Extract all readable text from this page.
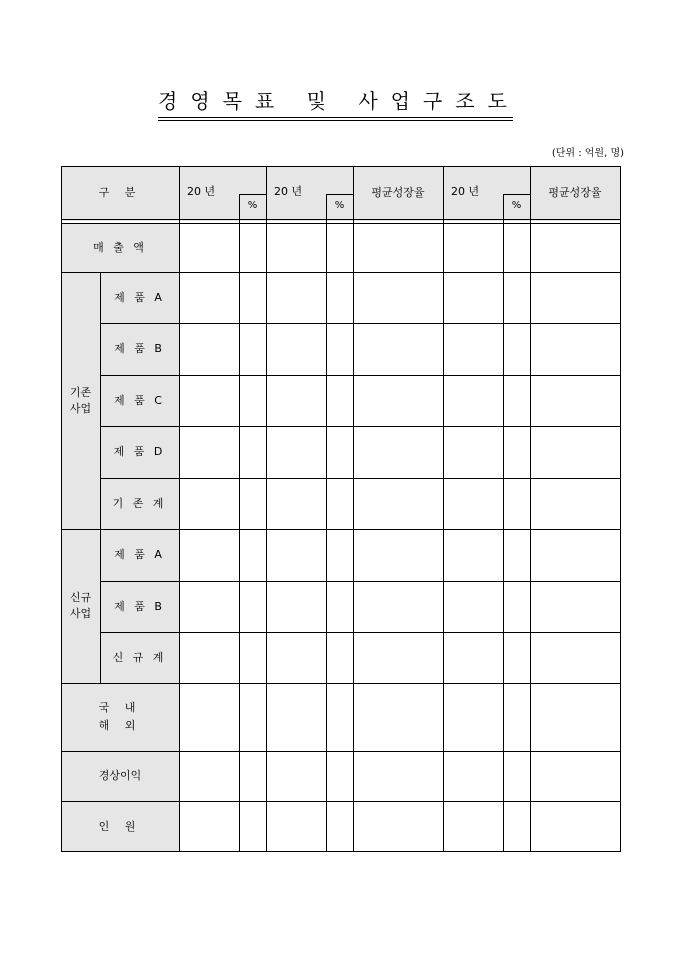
경영목표 및 사업구조도
(단위 : 억원, 명)
구 분	20 년
%
20 년
%
평균성장율	20 년
%
평균성장율
매 출 액
기존
사업
제 품 A
제 품 B
제 품 C
제 품 D
기 존 계
신규
사업
제 품 A
제 품 B
신 규 계
국 내
해 외
경상이익
인 원
